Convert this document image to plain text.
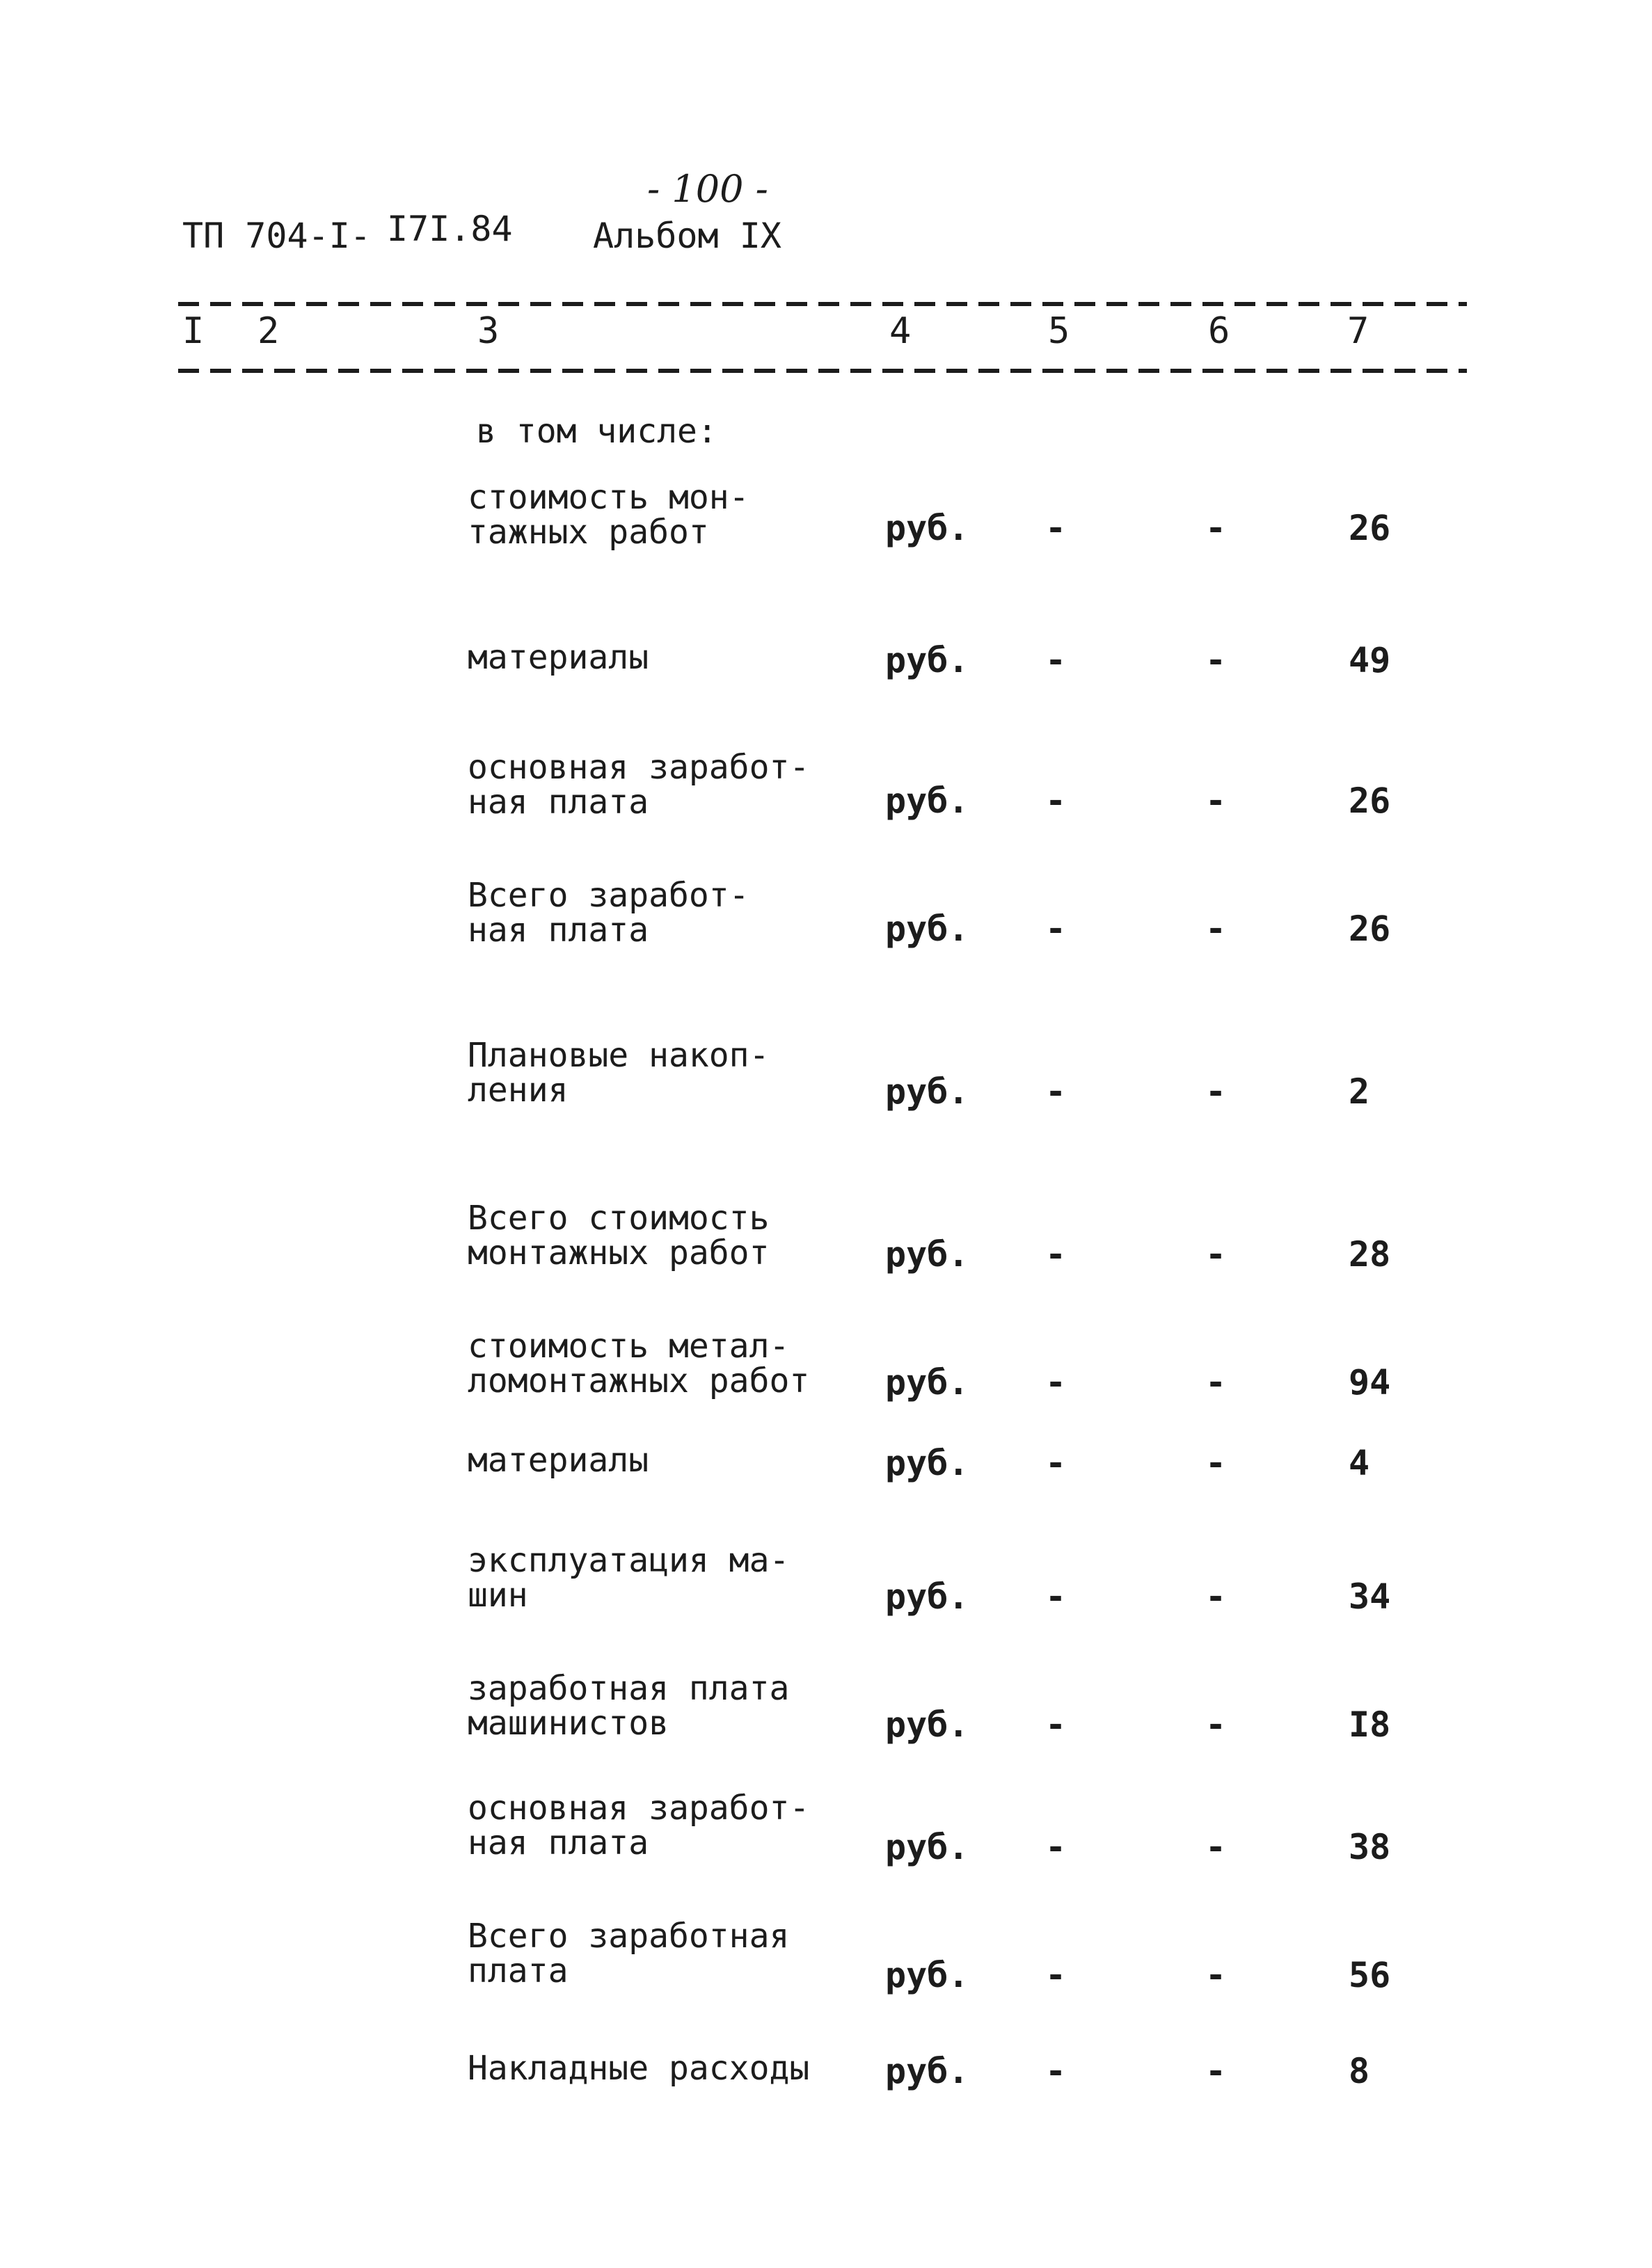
- 100 -
ТП 704-I- I7I.84 Альбом IX
I 2	3	4	5	6	7
в том числе:
стоимость мон-
тажных работ	руб. -	-	26
материалы	руб. -	-	49
основная заработ-
ная плата	руб. -	-	26
Всего заработ-
ная плата	руб. -	-	26
Плановые накоп-
ления	руб. -	-	2
Всего стоимость
монтажных работ	руб. -	-	28
стоимость метал-
ломонтажных работ	руб. -	-	94
материалы	руб. -	-	4
эксплуатация ма-
шин	руб. -	-	34
заработная плата
машинистов	руб. -	-	I8
основная заработ-
ная плата	руб. -	-	38
Всего заработная
плата	руб. -	-	56
Накладные расходы	руб. -	-	8
